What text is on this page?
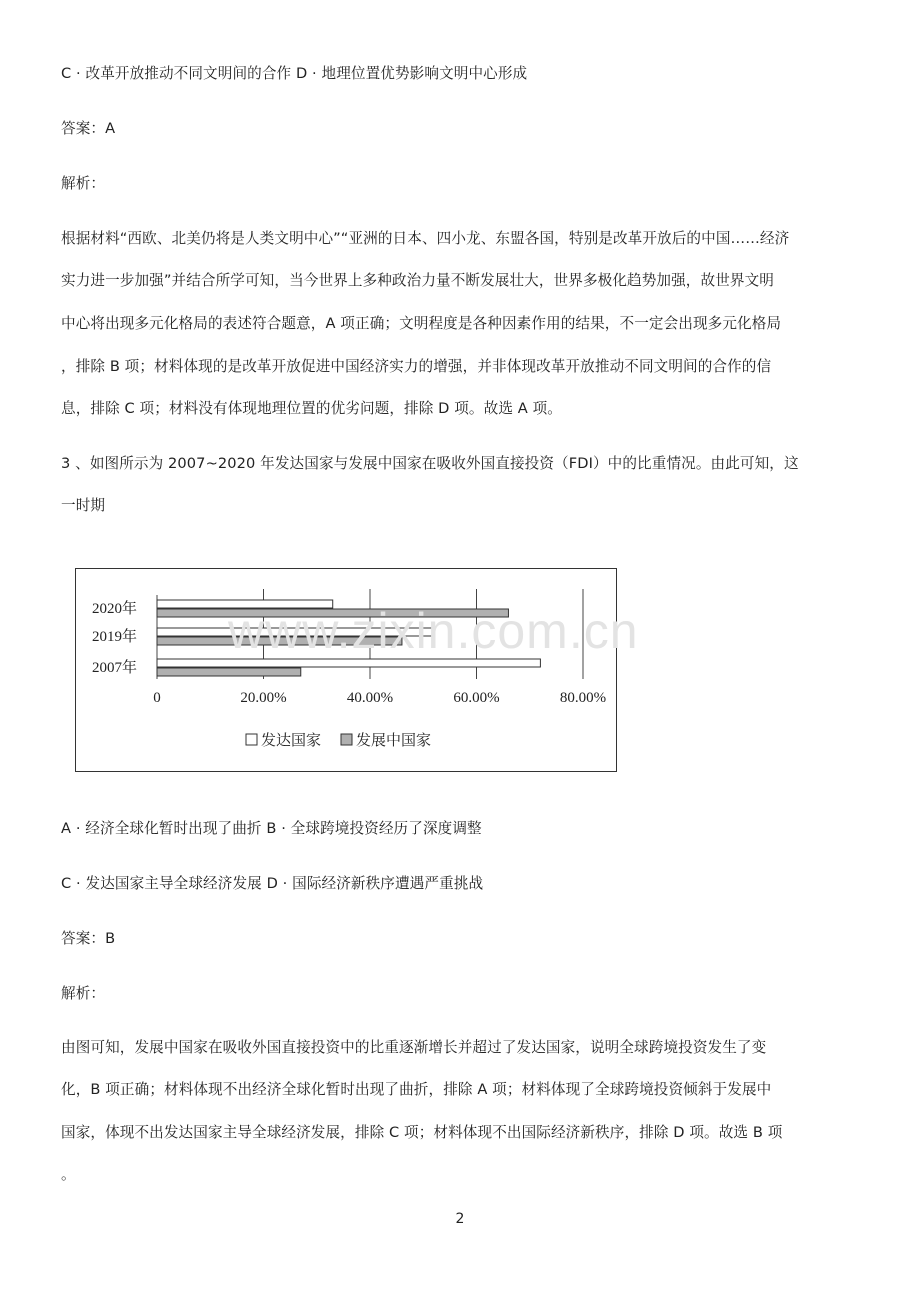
C · 改革开放推动不同文明间的合作 D · 地理位置优势影响文明中心形成
答案：A
解析：
根据材料“西欧、北美仍将是人类文明中心”“亚洲的日本、四小龙、东盟各国，特别是改革开放后的中国……经济
实力进一步加强”并结合所学可知，当今世界上多种政治力量不断发展壮大，世界多极化趋势加强，故世界文明
中心将出现多元化格局的表述符合题意，A 项正确；文明程度是各种因素作用的结果，不一定会出现多元化格局
，排除 B 项；材料体现的是改革开放促进中国经济实力的增强，并非体现改革开放推动不同文明间的合作的信
息，排除 C 项；材料没有体现地理位置的优劣问题，排除 D 项。故选 A 项。
3 、如图所示为 2007~2020 年发达国家与发展中国家在吸收外国直接投资（FDI）中的比重情况。由此可知，这
一时期
2020年
2019年
2007年
0	20.00%	40.00%	60.00%	80.00%
发达国家 发展中国家
www.zixin.com.cn
A · 经济全球化暂时出现了曲折 B · 全球跨境投资经历了深度调整
C · 发达国家主导全球经济发展 D · 国际经济新秩序遭遇严重挑战
答案：B
解析：
由图可知，发展中国家在吸收外国直接投资中的比重逐渐增长并超过了发达国家，说明全球跨境投资发生了变
化，B 项正确；材料体现不出经济全球化暂时出现了曲折，排除 A 项；材料体现了全球跨境投资倾斜于发展中
国家，体现不出发达国家主导全球经济发展，排除 C 项；材料体现不出国际经济新秩序，排除 D 项。故选 B 项
。
2
